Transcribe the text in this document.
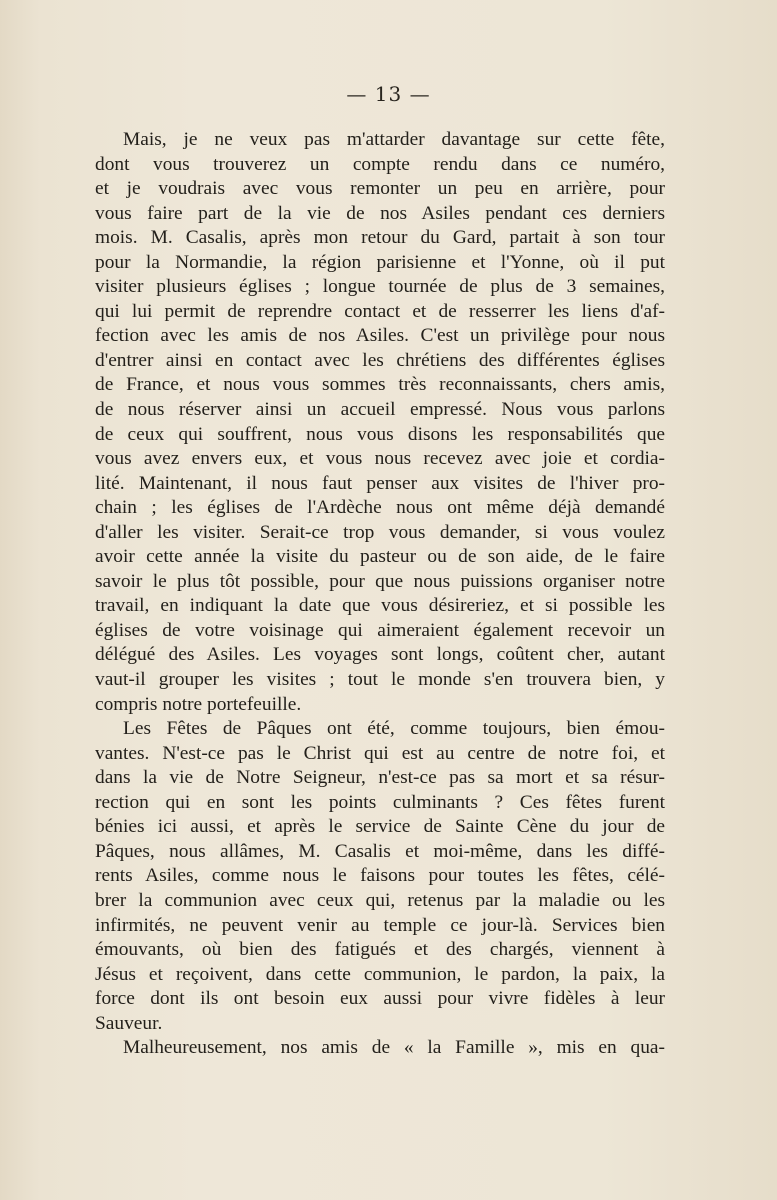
— 13 —
Mais, je ne veux pas m'attarder davantage sur cette fête,
dont vous trouverez un compte rendu dans ce numéro,
et je voudrais avec vous remonter un peu en arrière, pour
vous faire part de la vie de nos Asiles pendant ces derniers
mois. M. Casalis, après mon retour du Gard, partait à son tour
pour la Normandie, la région parisienne et l'Yonne, où il put
visiter plusieurs églises ; longue tournée de plus de 3 semaines,
qui lui permit de reprendre contact et de resserrer les liens d'af-
fection avec les amis de nos Asiles. C'est un privilège pour nous
d'entrer ainsi en contact avec les chrétiens des différentes églises
de France, et nous vous sommes très reconnaissants, chers amis,
de nous réserver ainsi un accueil empressé. Nous vous parlons
de ceux qui souffrent, nous vous disons les responsabilités que
vous avez envers eux, et vous nous recevez avec joie et cordia-
lité. Maintenant, il nous faut penser aux visites de l'hiver pro-
chain ; les églises de l'Ardèche nous ont même déjà demandé
d'aller les visiter. Serait-ce trop vous demander, si vous voulez
avoir cette année la visite du pasteur ou de son aide, de le faire
savoir le plus tôt possible, pour que nous puissions organiser notre
travail, en indiquant la date que vous désireriez, et si possible les
églises de votre voisinage qui aimeraient également recevoir un
délégué des Asiles. Les voyages sont longs, coûtent cher, autant
vaut-il grouper les visites ; tout le monde s'en trouvera bien, y
compris notre portefeuille.
Les Fêtes de Pâques ont été, comme toujours, bien émou-
vantes. N'est-ce pas le Christ qui est au centre de notre foi, et
dans la vie de Notre Seigneur, n'est-ce pas sa mort et sa résur-
rection qui en sont les points culminants ? Ces fêtes furent
bénies ici aussi, et après le service de Sainte Cène du jour de
Pâques, nous allâmes, M. Casalis et moi-même, dans les diffé-
rents Asiles, comme nous le faisons pour toutes les fêtes, célé-
brer la communion avec ceux qui, retenus par la maladie ou les
infirmités, ne peuvent venir au temple ce jour-là. Services bien
émouvants, où bien des fatigués et des chargés, viennent à
Jésus et reçoivent, dans cette communion, le pardon, la paix, la
force dont ils ont besoin eux aussi pour vivre fidèles à leur
Sauveur.
Malheureusement, nos amis de « la Famille », mis en qua-
